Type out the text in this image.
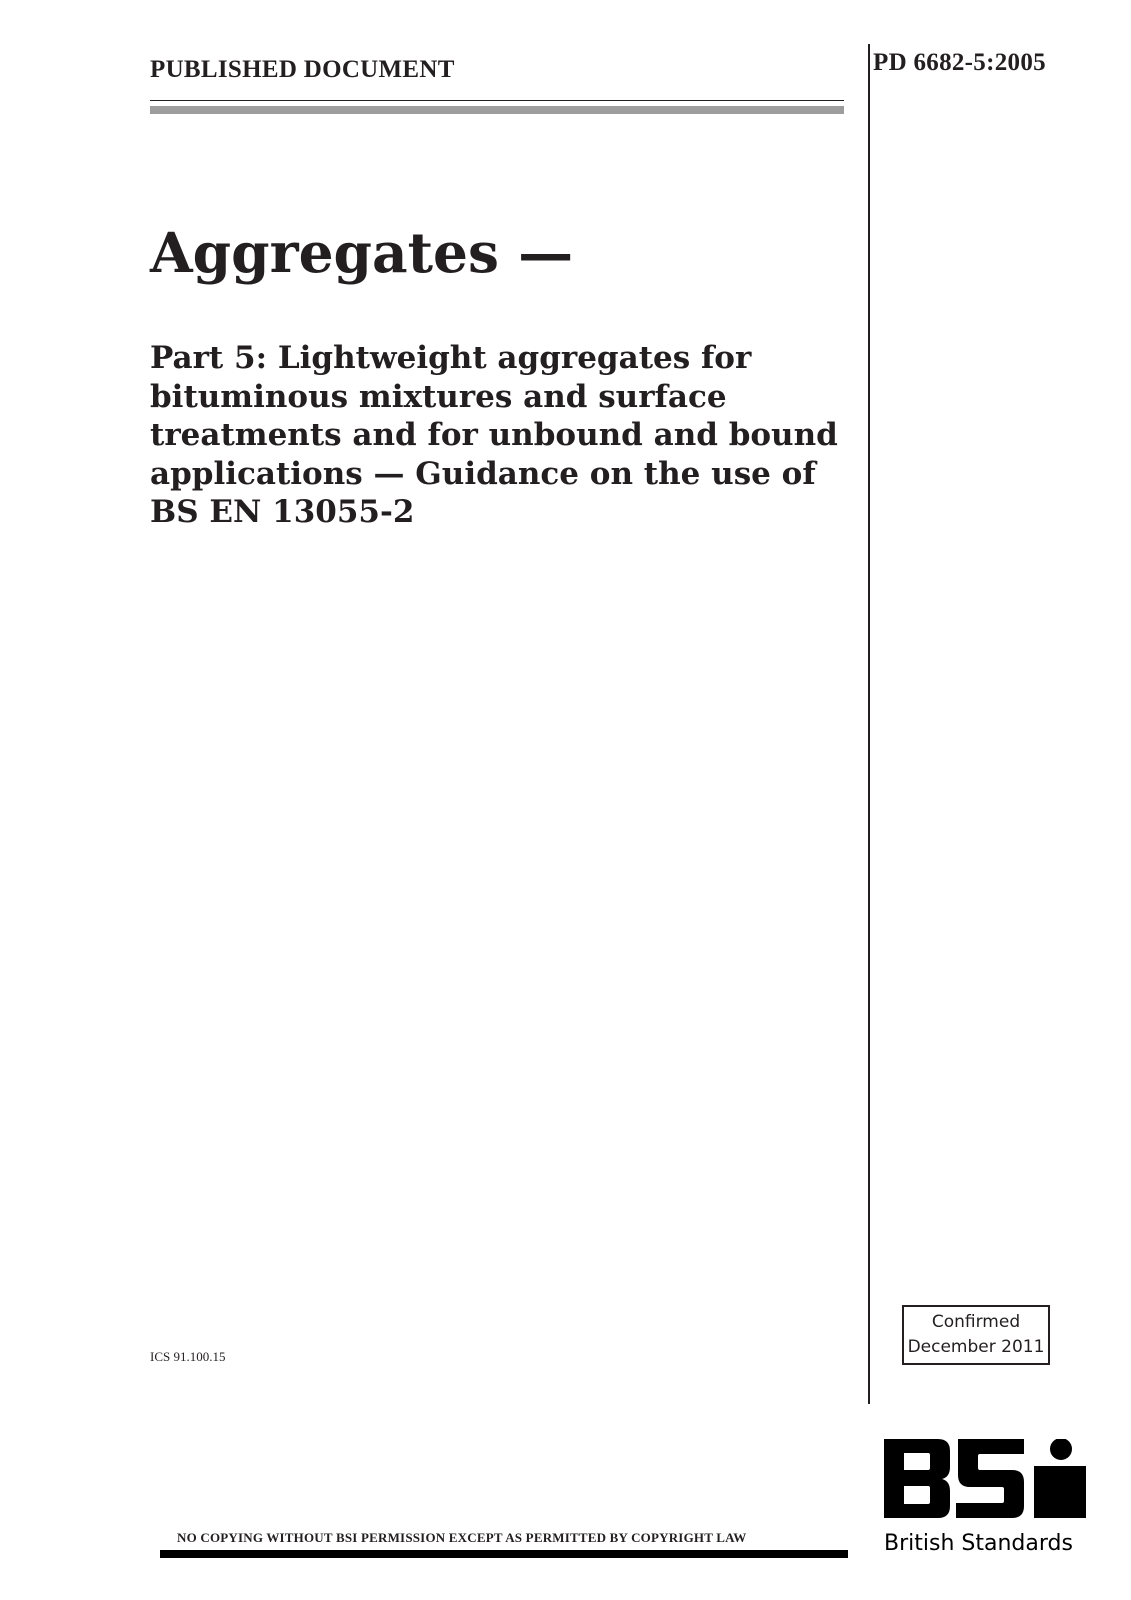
PUBLISHED DOCUMENT	PD 6682-5:2005
Aggregates —
Part 5: Lightweight aggregates for
bituminous mixtures and surface
treatments and for unbound and bound
applications — Guidance on the use of
BS EN 13055-2
ICS 91.100.15
Confirmed
December 2011
NO COPYING WITHOUT BSI PERMISSION EXCEPT AS PERMITTED BY COPYRIGHT LAW	British Standards
